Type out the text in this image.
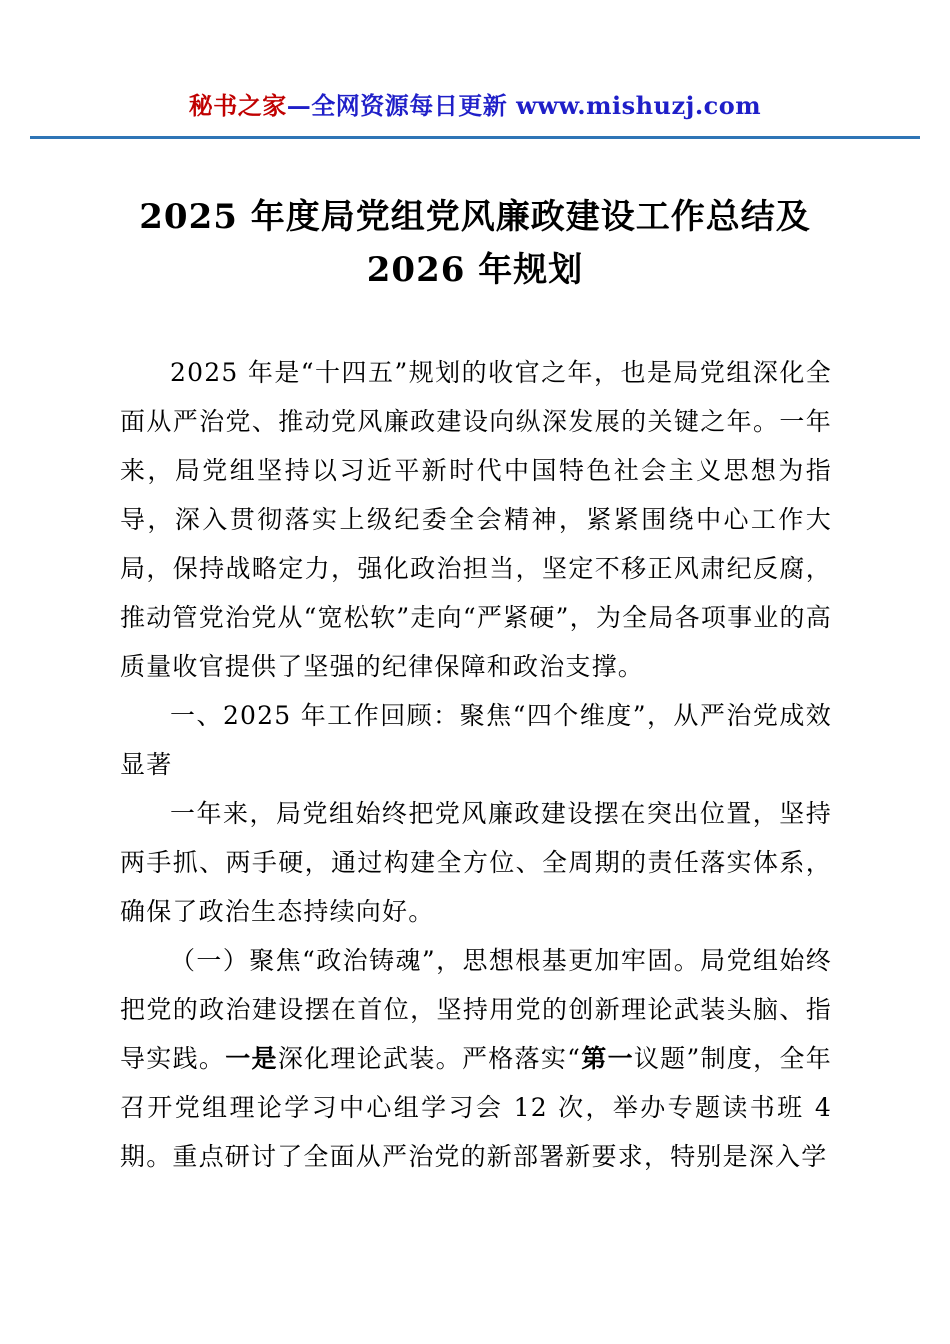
秘书之家—全网资源每日更新 www.mishuzj.com
2025 年度局党组党风廉政建设工作总结及
2026 年规划

2025 年是“十四五”规划的收官之年，也是局党组深化全面从严治党、推动党风廉政建设向纵深发展的关键之年。一年来，局党组坚持以习近平新时代中国特色社会主义思想为指导，深入贯彻落实上级纪委全会精神，紧紧围绕中心工作大局，保持战略定力，强化政治担当，坚定不移正风肃纪反腐，推动管党治党从“宽松软”走向“严紧硬”，为全局各项事业的高质量收官提供了坚强的纪律保障和政治支撑。

一、2025 年工作回顾：聚焦“四个维度”，从严治党成效显著

一年来，局党组始终把党风廉政建设摆在突出位置，坚持两手抓、两手硬，通过构建全方位、全周期的责任落实体系，确保了政治生态持续向好。

（一）聚焦“政治铸魂”，思想根基更加牢固。局党组始终把党的政治建设摆在首位，坚持用党的创新理论武装头脑、指导实践。一是深化理论武装。严格落实“第一议题”制度，全年召开党组理论学习中心组学习会 12 次，举办专题读书班 4 期。重点研讨了全面从严治党的新部署新要求，特别是深入学
